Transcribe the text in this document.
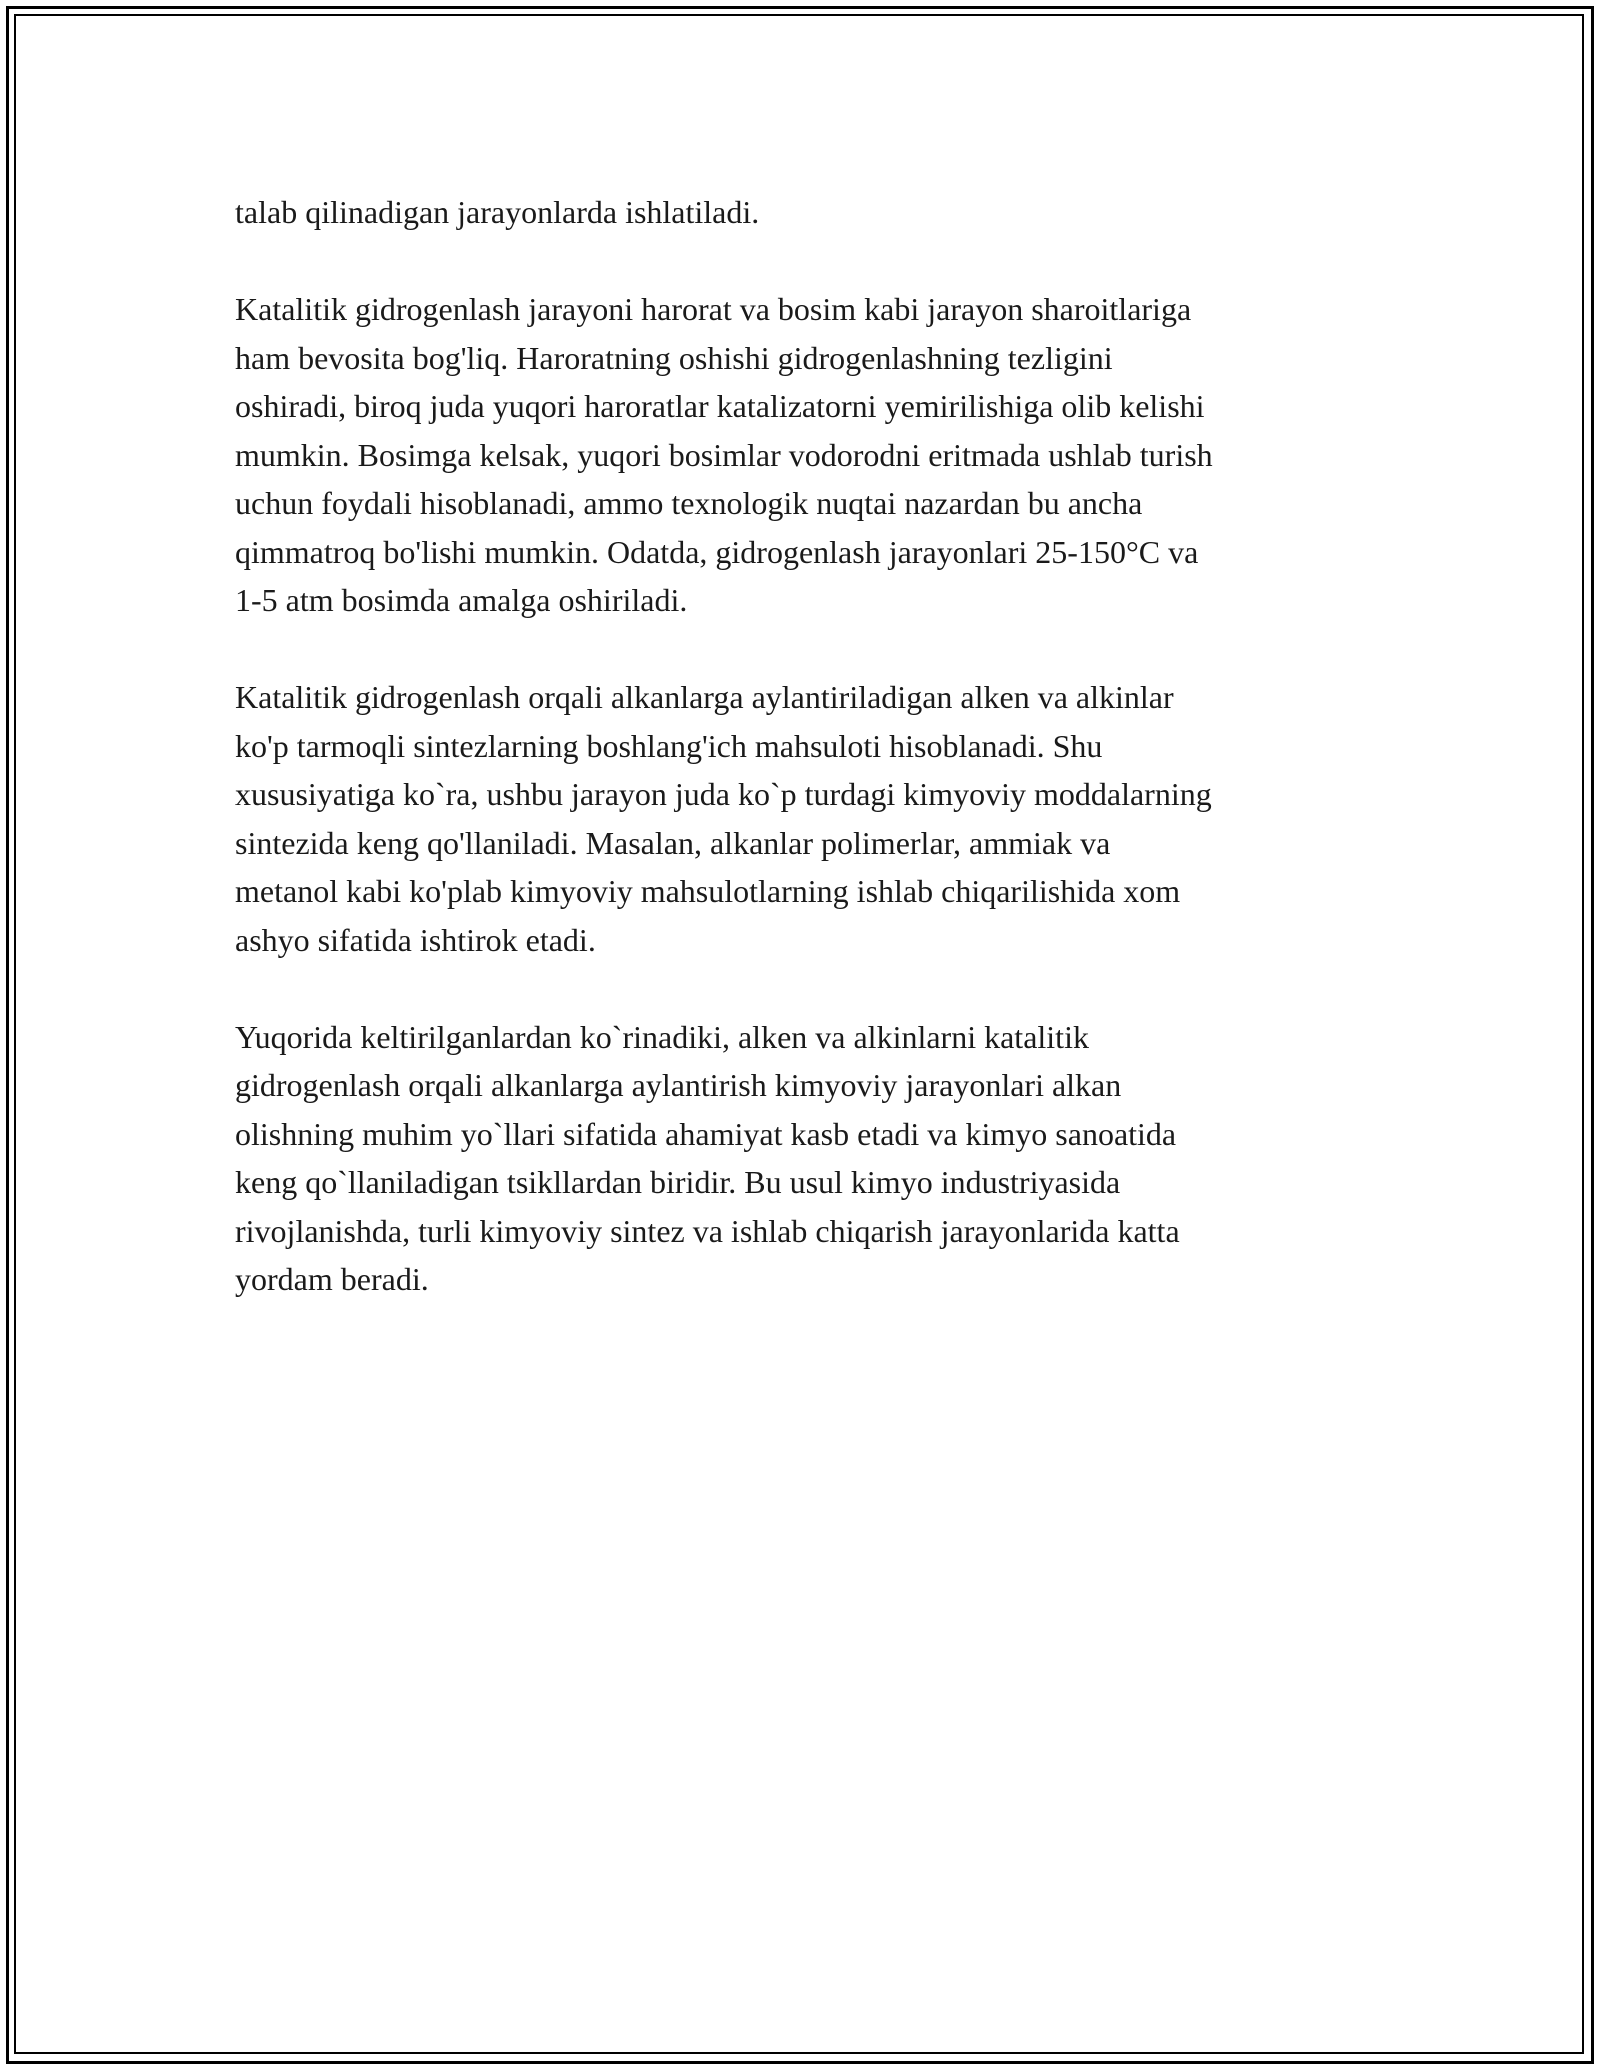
talab qilinadigan jarayonlarda ishlatiladi.

Katalitik gidrogenlash jarayoni harorat va bosim kabi jarayon sharoitlariga
ham bevosita bog'liq. Haroratning oshishi gidrogenlashning tezligini
oshiradi, biroq juda yuqori haroratlar katalizatorni yemirilishiga olib kelishi
mumkin. Bosimga kelsak, yuqori bosimlar vodorodni eritmada ushlab turish
uchun foydali hisoblanadi, ammo texnologik nuqtai nazardan bu ancha
qimmatroq bo'lishi mumkin. Odatda, gidrogenlash jarayonlari 25-150°C va
1-5 atm bosimda amalga oshiriladi.

Katalitik gidrogenlash orqali alkanlarga aylantiriladigan alken va alkinlar
ko'p tarmoqli sintezlarning boshlang'ich mahsuloti hisoblanadi. Shu
xususiyatiga ko`ra, ushbu jarayon juda ko`p turdagi kimyoviy moddalarning
sintezida keng qo'llaniladi. Masalan, alkanlar polimerlar, ammiak va
metanol kabi ko'plab kimyoviy mahsulotlarning ishlab chiqarilishida xom
ashyo sifatida ishtirok etadi.

Yuqorida keltirilganlardan ko`rinadiki, alken va alkinlarni katalitik
gidrogenlash orqali alkanlarga aylantirish kimyoviy jarayonlari alkan
olishning muhim yo`llari sifatida ahamiyat kasb etadi va kimyo sanoatida
keng qo`llaniladigan tsikllardan biridir. Bu usul kimyo industriyasida
rivojlanishda, turli kimyoviy sintez va ishlab chiqarish jarayonlarida katta
yordam beradi.
